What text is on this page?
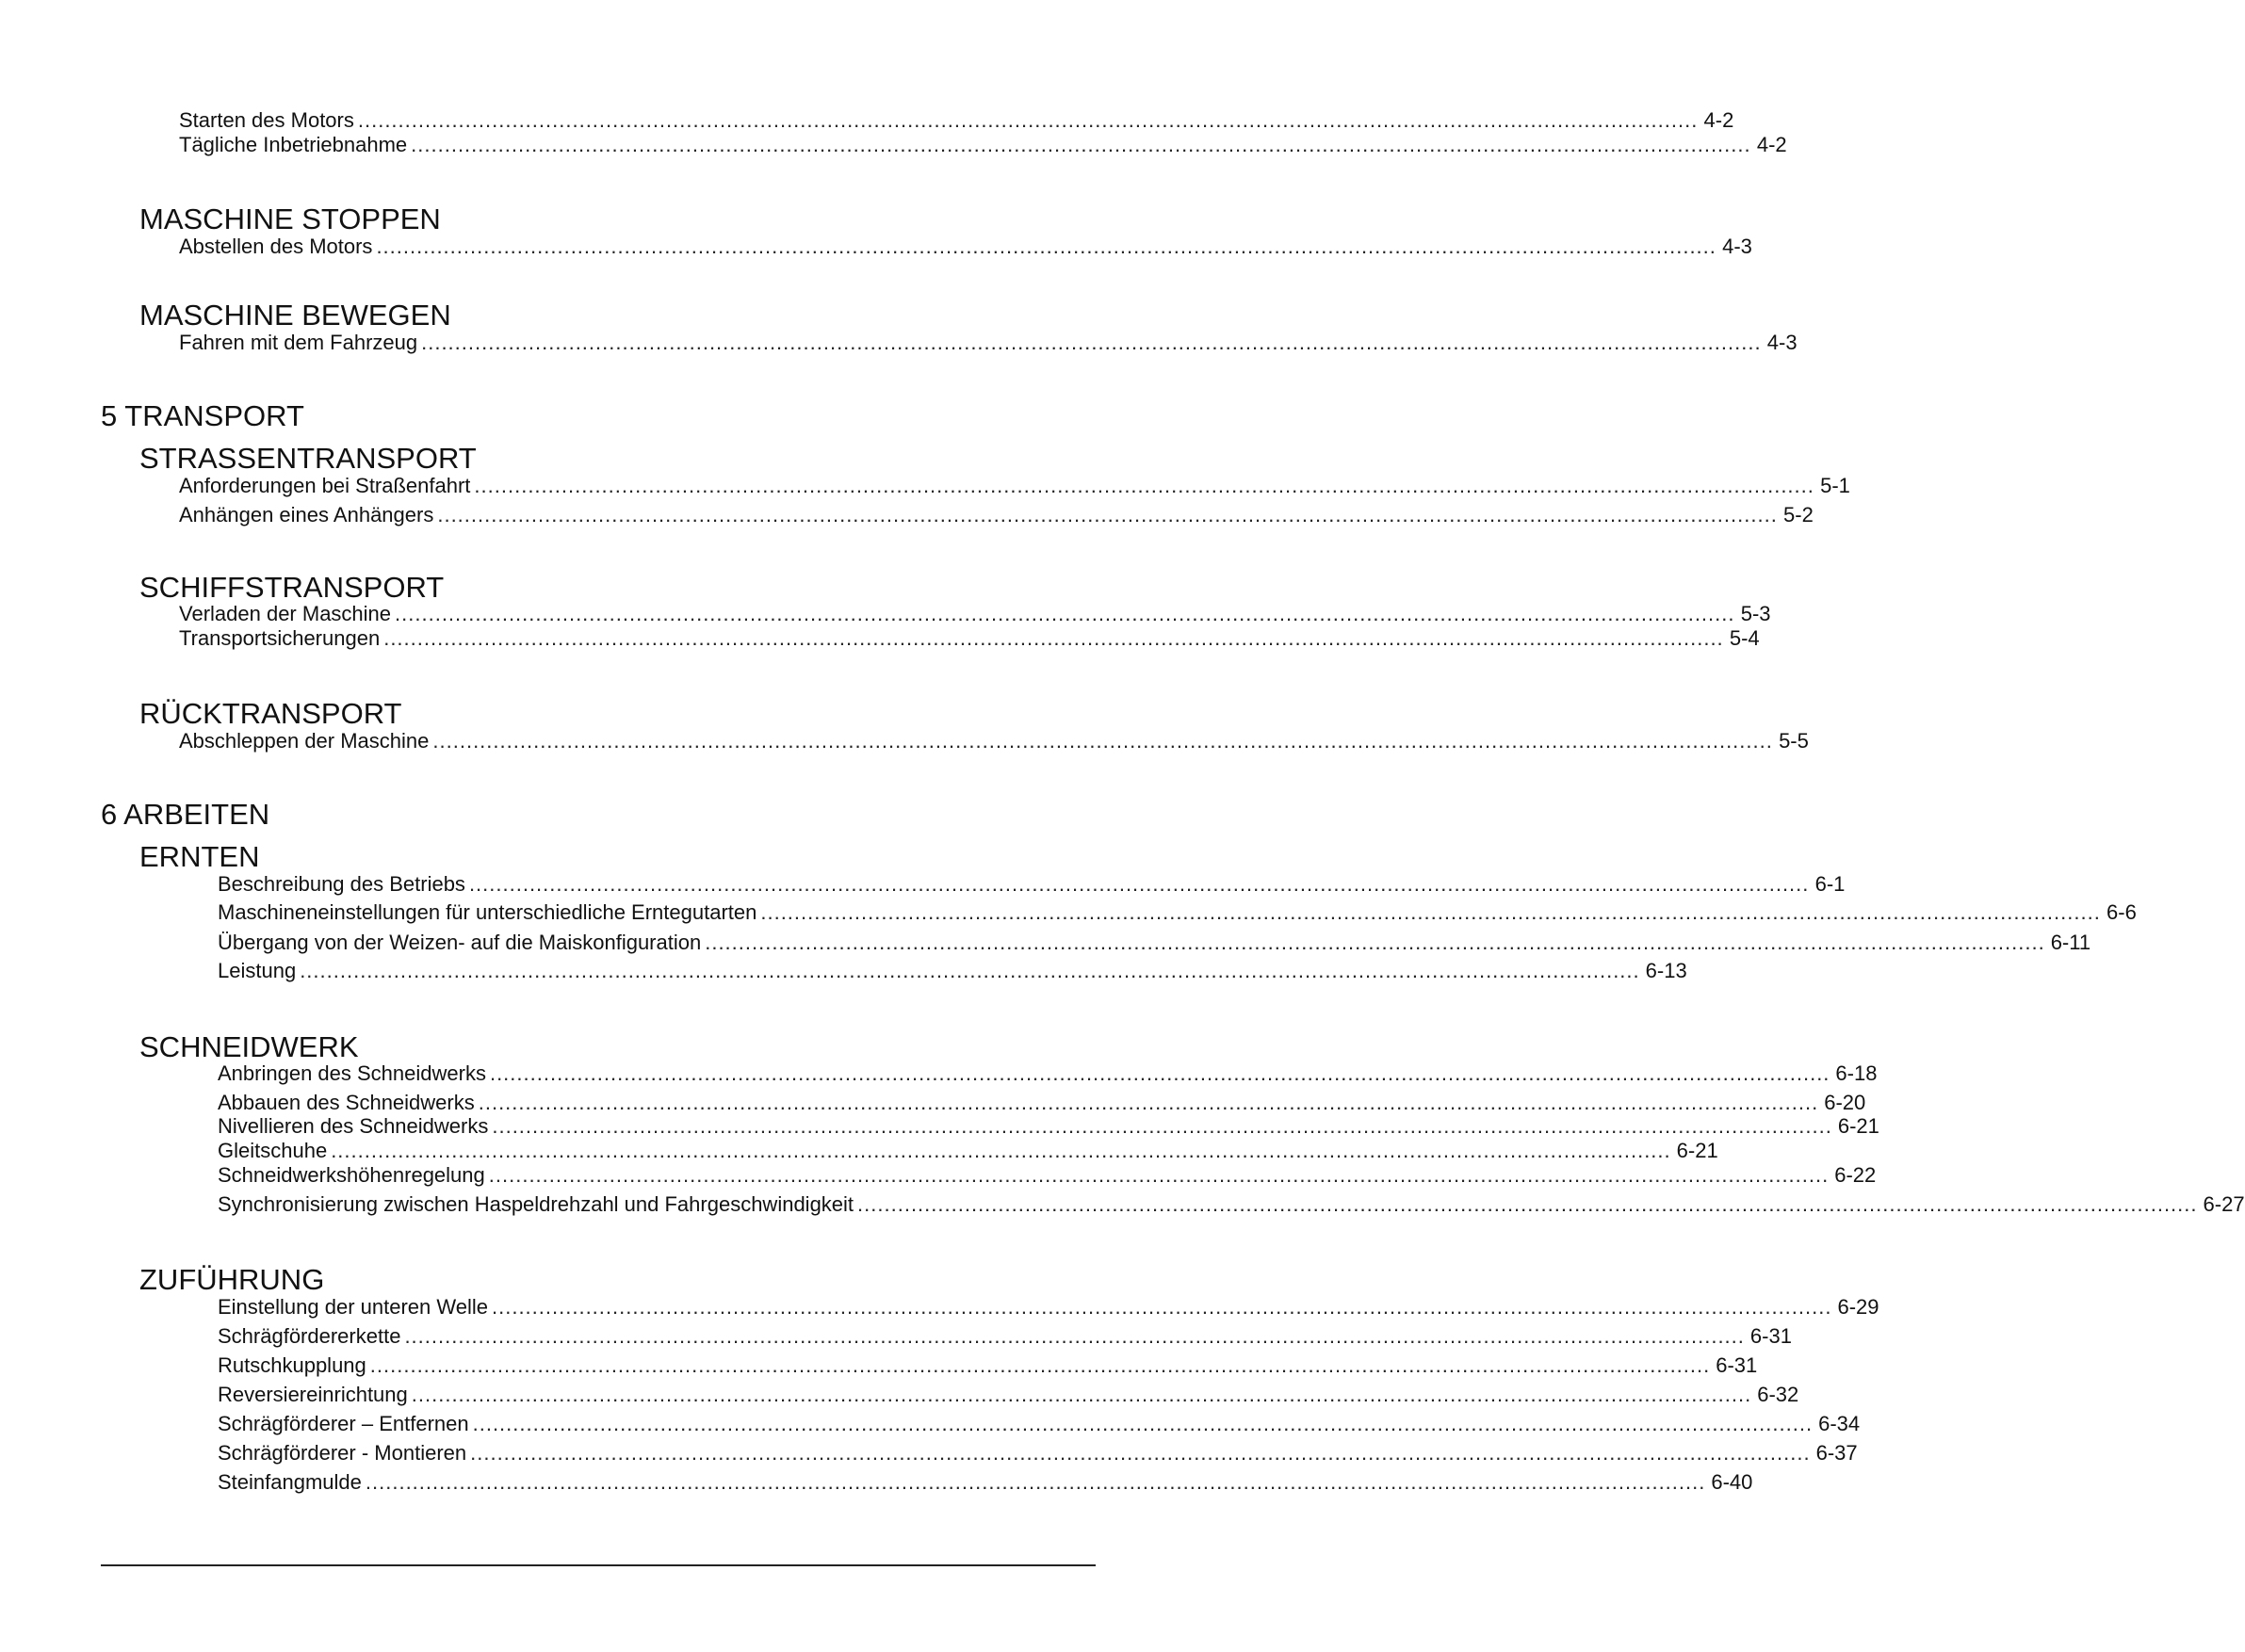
Starten des Motors ........................................................................................................................................................................................................ 4-2
Tägliche Inbetriebnahme ........................................................................................................................................................................................................ 4-2
MASCHINE STOPPEN
Abstellen des Motors ........................................................................................................................................................................................................ 4-3
MASCHINE BEWEGEN
Fahren mit dem Fahrzeug ........................................................................................................................................................................................................ 4-3
5 TRANSPORT
STRASSENTRANSPORT
Anforderungen bei Straßenfahrt ........................................................................................................................................................................................................ 5-1
Anhängen eines Anhängers ........................................................................................................................................................................................................ 5-2
SCHIFFSTRANSPORT
Verladen der Maschine ........................................................................................................................................................................................................ 5-3
Transportsicherungen ........................................................................................................................................................................................................ 5-4
RÜCKTRANSPORT
Abschleppen der Maschine ........................................................................................................................................................................................................ 5-5
6 ARBEITEN
ERNTEN
Beschreibung des Betriebs ........................................................................................................................................................................................................ 6-1
Maschineneinstellungen für unterschiedliche Erntegutarten ........................................................................................................................................................................................................ 6-6
Übergang von der Weizen- auf die Maiskonfiguration ........................................................................................................................................................................................................ 6-11
Leistung ........................................................................................................................................................................................................ 6-13
SCHNEIDWERK
Anbringen des Schneidwerks ........................................................................................................................................................................................................ 6-18
Abbauen des Schneidwerks ........................................................................................................................................................................................................ 6-20
Nivellieren des Schneidwerks ........................................................................................................................................................................................................ 6-21
Gleitschuhe ........................................................................................................................................................................................................ 6-21
Schneidwerkshöhenregelung ........................................................................................................................................................................................................ 6-22
Synchronisierung zwischen Haspeldrehzahl und Fahrgeschwindigkeit ........................................................................................................................................................................................................ 6-27
ZUFÜHRUNG
Einstellung der unteren Welle ........................................................................................................................................................................................................ 6-29
Schrägfördererkette ........................................................................................................................................................................................................ 6-31
Rutschkupplung ........................................................................................................................................................................................................ 6-31
Reversiereinrichtung ........................................................................................................................................................................................................ 6-32
Schrägförderer – Entfernen ........................................................................................................................................................................................................ 6-34
Schrägförderer - Montieren ........................................................................................................................................................................................................ 6-37
Steinfangmulde ........................................................................................................................................................................................................ 6-40
